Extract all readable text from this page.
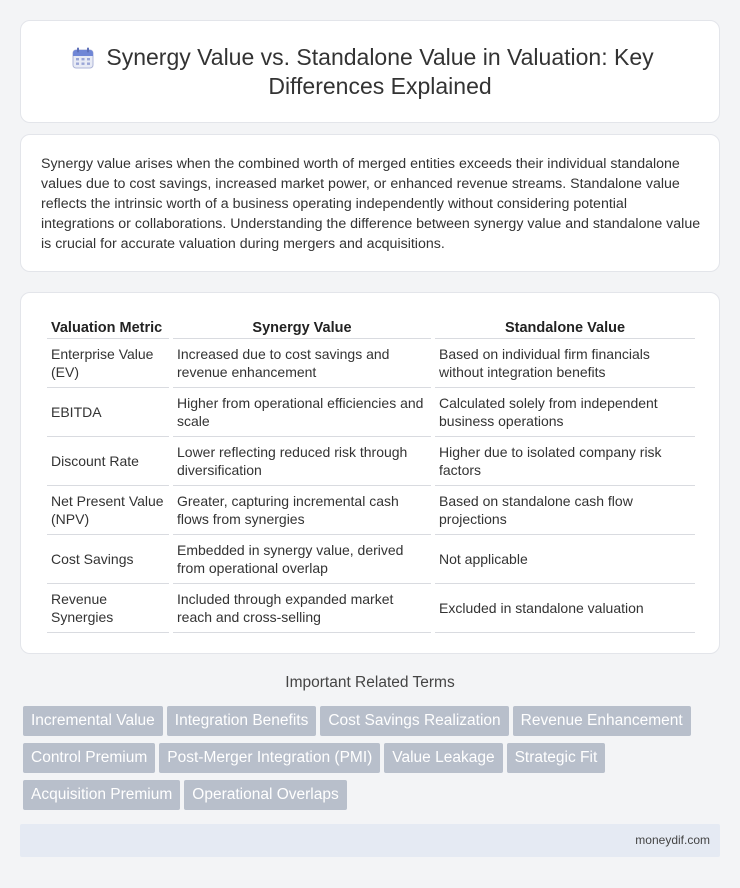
Synergy Value vs. Standalone Value in Valuation: Key Differences Explained

Synergy value arises when the combined worth of merged entities exceeds their individual standalone values due to cost savings, increased market power, or enhanced revenue streams. Standalone value reflects the intrinsic worth of a business operating independently without considering potential integrations or collaborations. Understanding the difference between synergy value and standalone value is crucial for accurate valuation during mergers and acquisitions.

Valuation Metric	Synergy Value	Standalone Value
Enterprise Value (EV)	Increased due to cost savings and revenue enhancement	Based on individual firm financials without integration benefits
EBITDA	Higher from operational efficiencies and scale	Calculated solely from independent business operations
Discount Rate	Lower reflecting reduced risk through diversification	Higher due to isolated company risk factors
Net Present Value (NPV)	Greater, capturing incremental cash flows from synergies	Based on standalone cash flow projections
Cost Savings	Embedded in synergy value, derived from operational overlap	Not applicable
Revenue Synergies	Included through expanded market reach and cross-selling	Excluded in standalone valuation
Important Related Terms
Incremental Value Integration Benefits Cost Savings Realization Revenue Enhancement
Control Premium Post-Merger Integration (PMI) Value Leakage Strategic Fit
Acquisition Premium Operational Overlaps
moneydif.com
